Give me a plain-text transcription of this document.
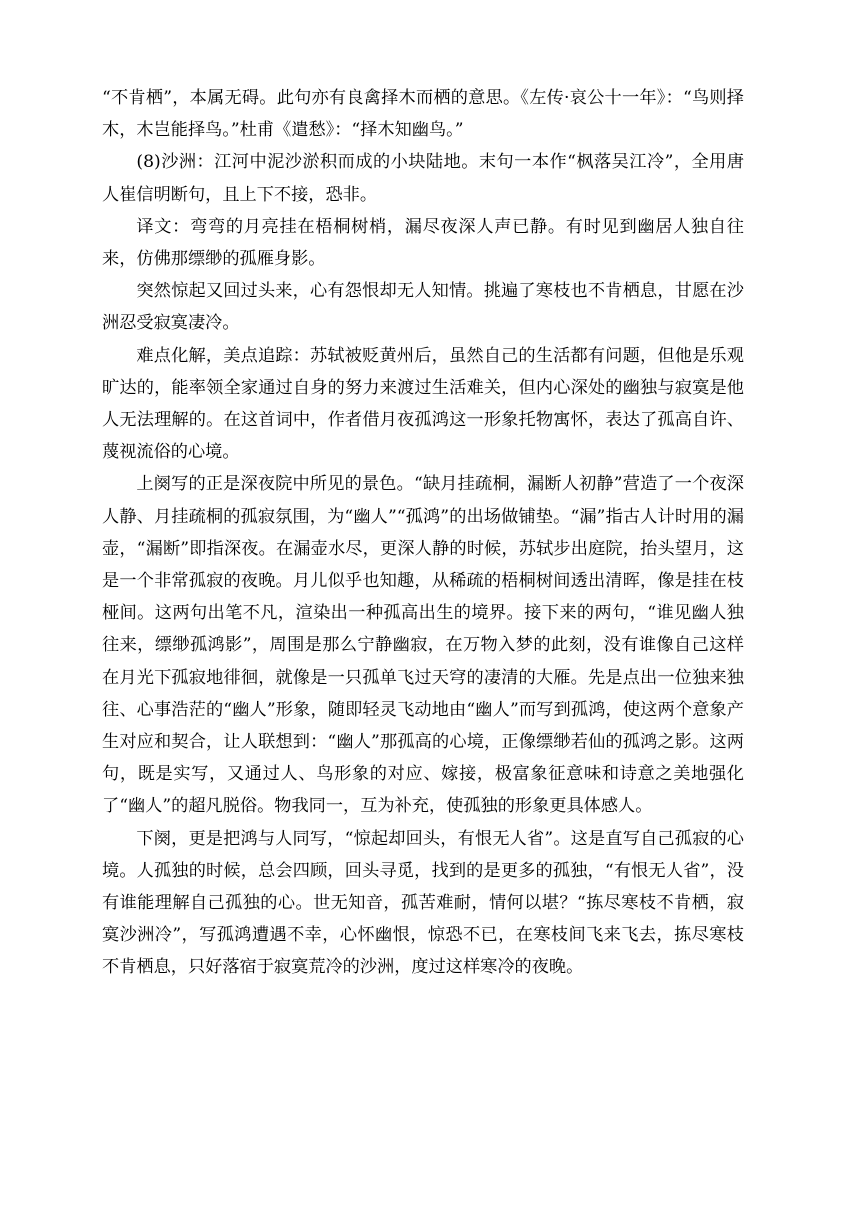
“不肯栖”，本属无碍。此句亦有良禽择木而栖的意思。《左传·哀公十一年》：“鸟则择木，木岂能择鸟。”杜甫《遣愁》：“择木知幽鸟。”

(8)沙洲：江河中泥沙淤积而成的小块陆地。末句一本作“枫落吴江冷”，全用唐人崔信明断句，且上下不接，恐非。

译文：弯弯的月亮挂在梧桐树梢，漏尽夜深人声已静。有时见到幽居人独自往来，仿佛那缥缈的孤雁身影。

突然惊起又回过头来，心有怨恨却无人知情。挑遍了寒枝也不肯栖息，甘愿在沙洲忍受寂寞凄冷。

难点化解，美点追踪：苏轼被贬黄州后，虽然自己的生活都有问题，但他是乐观旷达的，能率领全家通过自身的努力来渡过生活难关，但内心深处的幽独与寂寞是他人无法理解的。在这首词中，作者借月夜孤鸿这一形象托物寓怀，表达了孤高自许、蔑视流俗的心境。

上阕写的正是深夜院中所见的景色。“缺月挂疏桐，漏断人初静”营造了一个夜深人静、月挂疏桐的孤寂氛围，为“幽人”“孤鸿”的出场做铺垫。“漏”指古人计时用的漏壶，“漏断”即指深夜。在漏壶水尽，更深人静的时候，苏轼步出庭院，抬头望月，这是一个非常孤寂的夜晚。月儿似乎也知趣，从稀疏的梧桐树间透出清晖，像是挂在枝桠间。这两句出笔不凡，渲染出一种孤高出生的境界。接下来的两句，“谁见幽人独往来，缥缈孤鸿影”，周围是那么宁静幽寂，在万物入梦的此刻，没有谁像自己这样在月光下孤寂地徘徊，就像是一只孤单飞过天穹的凄清的大雁。先是点出一位独来独往、心事浩茫的“幽人”形象，随即轻灵飞动地由“幽人”而写到孤鸿，使这两个意象产生对应和契合，让人联想到：“幽人”那孤高的心境，正像缥缈若仙的孤鸿之影。这两句，既是实写，又通过人、鸟形象的对应、嫁接，极富象征意味和诗意之美地强化了“幽人”的超凡脱俗。物我同一，互为补充，使孤独的形象更具体感人。

下阕，更是把鸿与人同写，“惊起却回头，有恨无人省”。这是直写自己孤寂的心境。人孤独的时候，总会四顾，回头寻觅，找到的是更多的孤独，“有恨无人省”，没有谁能理解自己孤独的心。世无知音，孤苦难耐，情何以堪？“拣尽寒枝不肯栖，寂寞沙洲冷”，写孤鸿遭遇不幸，心怀幽恨，惊恐不已，在寒枝间飞来飞去，拣尽寒枝不肯栖息，只好落宿于寂寞荒冷的沙洲，度过这样寒冷的夜晚。
